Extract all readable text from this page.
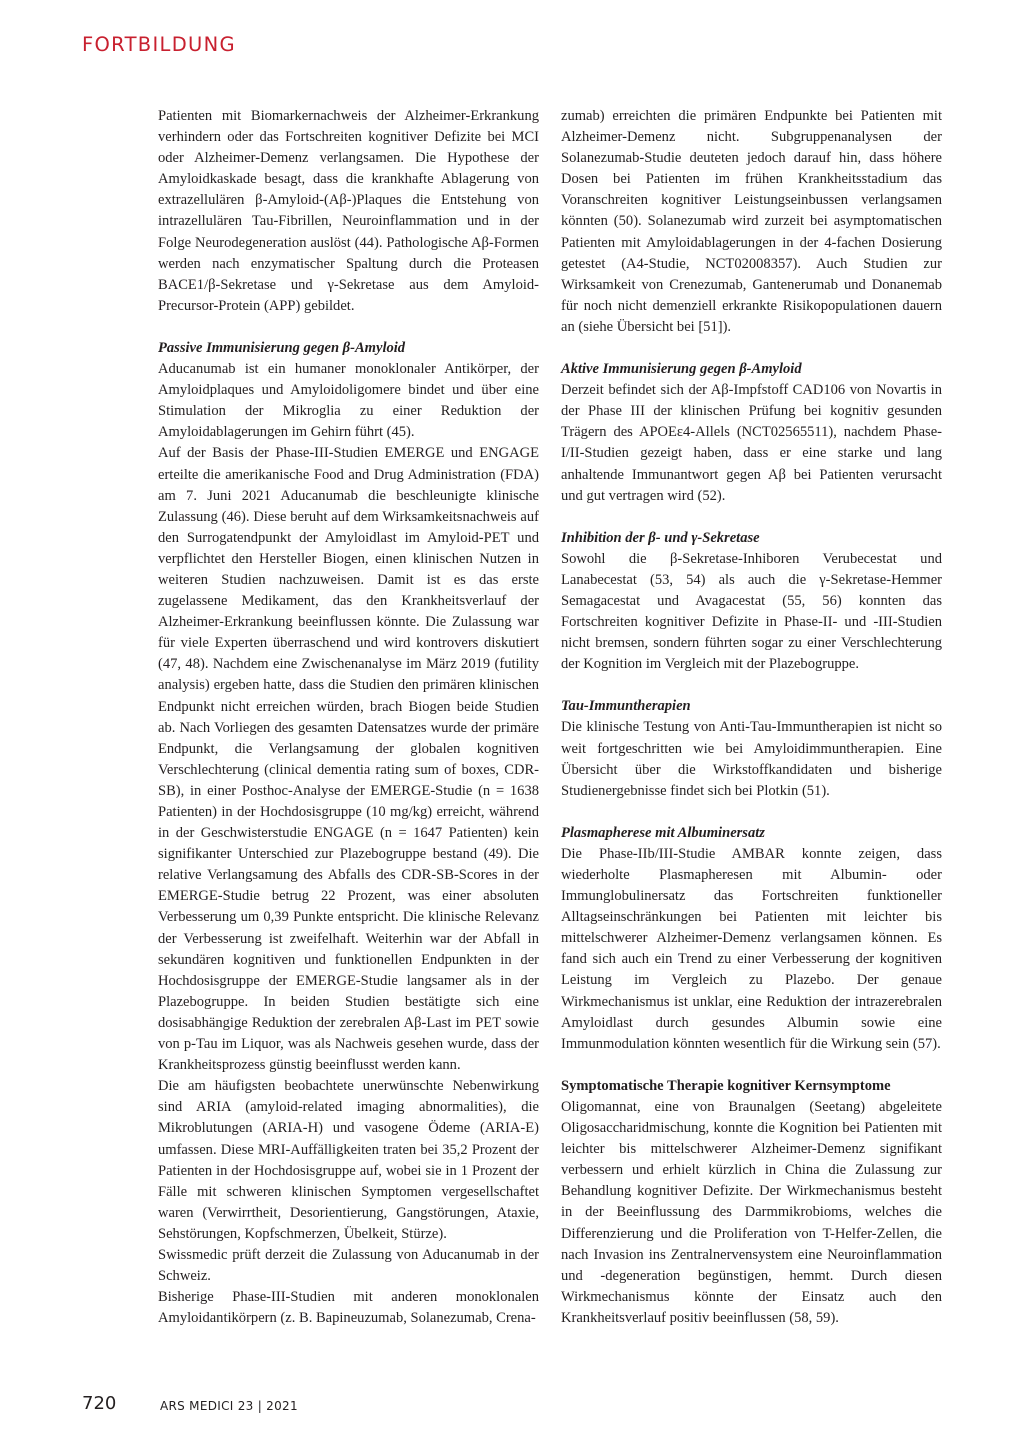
FORTBILDUNG

Patienten mit Biomarkernachweis der Alzheimer-Erkrankung verhindern oder das Fortschreiten kognitiver Defizite bei MCI oder Alzheimer-Demenz verlangsamen. Die Hypothese der Amyloidkaskade besagt, dass die krankhafte Ablagerung von extrazellulären β-Amyloid-(Aβ-)Plaques die Entstehung von intrazellulären Tau-Fibrillen, Neuroinflammation und in der Folge Neurodegeneration auslöst (44). Pathologische Aβ-Formen werden nach enzymatischer Spaltung durch die Proteasen BACE1/β-Sekretase und γ-Sekretase aus dem Amyloid-Precursor-Protein (APP) gebildet.

Passive Immunisierung gegen β-Amyloid

Aducanumab ist ein humaner monoklonaler Antikörper, der Amyloidplaques und Amyloidoligomere bindet und über eine Stimulation der Mikroglia zu einer Reduktion der Amyloidablagerungen im Gehirn führt (45).

Auf der Basis der Phase-III-Studien EMERGE und ENGAGE erteilte die amerikanische Food and Drug Administration (FDA) am 7. Juni 2021 Aducanumab die beschleunigte klinische Zulassung (46). Diese beruht auf dem Wirksamkeitsnachweis auf den Surrogatendpunkt der Amyloidlast im Amyloid-PET und verpflichtet den Hersteller Biogen, einen klinischen Nutzen in weiteren Studien nachzuweisen. Damit ist es das erste zugelassene Medikament, das den Krankheitsverlauf der Alzheimer-Erkrankung beeinflussen könnte. Die Zulassung war für viele Experten überraschend und wird kontrovers diskutiert (47, 48). Nachdem eine Zwischenanalyse im März 2019 (futility analysis) ergeben hatte, dass die Studien den primären klinischen Endpunkt nicht erreichen würden, brach Biogen beide Studien ab. Nach Vorliegen des gesamten Datensatzes wurde der primäre Endpunkt, die Verlangsamung der globalen kognitiven Verschlechterung (clinical dementia rating sum of boxes, CDR-SB), in einer Posthoc-Analyse der EMERGE-Studie (n = 1638 Patienten) in der Hochdosisgruppe (10 mg/kg) erreicht, während in der Geschwisterstudie ENGAGE (n = 1647 Patienten) kein signifikanter Unterschied zur Plazebogruppe bestand (49). Die relative Verlangsamung des Abfalls des CDR-SB-Scores in der EMERGE-Studie betrug 22 Prozent, was einer absoluten Verbesserung um 0,39 Punkte entspricht. Die klinische Relevanz der Verbesserung ist zweifelhaft. Weiterhin war der Abfall in sekundären kognitiven und funktionellen Endpunkten in der Hochdosisgruppe der EMERGE-Studie langsamer als in der Plazebogruppe. In beiden Studien bestätigte sich eine dosisabhängige Reduktion der zerebralen Aβ-Last im PET sowie von p-Tau im Liquor, was als Nachweis gesehen wurde, dass der Krankheitsprozess günstig beeinflusst werden kann.

Die am häufigsten beobachtete unerwünschte Nebenwirkung sind ARIA (amyloid-related imaging abnormalities), die Mikroblutungen (ARIA-H) und vasogene Ödeme (ARIA-E) umfassen. Diese MRI-Auffälligkeiten traten bei 35,2 Prozent der Patienten in der Hochdosisgruppe auf, wobei sie in 1 Prozent der Fälle mit schweren klinischen Symptomen vergesellschaftet waren (Verwirrtheit, Desorientierung, Gangstörungen, Ataxie, Sehstörungen, Kopfschmerzen, Übelkeit, Stürze).

Swissmedic prüft derzeit die Zulassung von Aducanumab in der Schweiz.

Bisherige Phase-III-Studien mit anderen monoklonalen Amyloidantikörpern (z. B. Bapineuzumab, Solanezumab, Crena-

zumab) erreichten die primären Endpunkte bei Patienten mit Alzheimer-Demenz nicht. Subgruppenanalysen der Solanezumab-Studie deuteten jedoch darauf hin, dass höhere Dosen bei Patienten im frühen Krankheitsstadium das Voranschreiten kognitiver Leistungseinbussen verlangsamen könnten (50). Solanezumab wird zurzeit bei asymptomatischen Patienten mit Amyloidablagerungen in der 4-fachen Dosierung getestet (A4-Studie, NCT02008357). Auch Studien zur Wirksamkeit von Crenezumab, Gantenerumab und Donanemab für noch nicht demenziell erkrankte Risikopopulationen dauern an (siehe Übersicht bei [51]).

Aktive Immunisierung gegen β-Amyloid

Derzeit befindet sich der Aβ-Impfstoff CAD106 von Novartis in der Phase III der klinischen Prüfung bei kognitiv gesunden Trägern des APOEε4-Allels (NCT02565511), nachdem Phase-I/II-Studien gezeigt haben, dass er eine starke und lang anhaltende Immunantwort gegen Aβ bei Patienten verursacht und gut vertragen wird (52).

Inhibition der β- und γ-Sekretase

Sowohl die β-Sekretase-Inhiboren Verubecestat und Lanabecestat (53, 54) als auch die γ-Sekretase-Hemmer Semagacestat und Avagacestat (55, 56) konnten das Fortschreiten kognitiver Defizite in Phase-II- und -III-Studien nicht bremsen, sondern führten sogar zu einer Verschlechterung der Kognition im Vergleich mit der Plazebogruppe.

Tau-Immuntherapien

Die klinische Testung von Anti-Tau-Immuntherapien ist nicht so weit fortgeschritten wie bei Amyloidimmuntherapien. Eine Übersicht über die Wirkstoffkandidaten und bisherige Studienergebnisse findet sich bei Plotkin (51).

Plasmapherese mit Albuminersatz

Die Phase-IIb/III-Studie AMBAR konnte zeigen, dass wiederholte Plasmapheresen mit Albumin- oder Immunglobulinersatz das Fortschreiten funktioneller Alltagseinschränkungen bei Patienten mit leichter bis mittelschwerer Alzheimer-Demenz verlangsamen können. Es fand sich auch ein Trend zu einer Verbesserung der kognitiven Leistung im Vergleich zu Plazebo. Der genaue Wirkmechanismus ist unklar, eine Reduktion der intrazerebralen Amyloidlast durch gesundes Albumin sowie eine Immunmodulation könnten wesentlich für die Wirkung sein (57).

Symptomatische Therapie kognitiver Kernsymptome

Oligomannat, eine von Braunalgen (Seetang) abgeleitete Oligosaccharidmischung, konnte die Kognition bei Patienten mit leichter bis mittelschwerer Alzheimer-Demenz signifikant verbessern und erhielt kürzlich in China die Zulassung zur Behandlung kognitiver Defizite. Der Wirkmechanismus besteht in der Beeinflussung des Darmmikrobioms, welches die Differenzierung und die Proliferation von T-Helfer-Zellen, die nach Invasion ins Zentralnervensystem eine Neuroinflammation und -degeneration begünstigen, hemmt. Durch diesen Wirkmechanismus könnte der Einsatz auch den Krankheitsverlauf positiv beeinflussen (58, 59).

720	ARS MEDICI 23 | 2021
